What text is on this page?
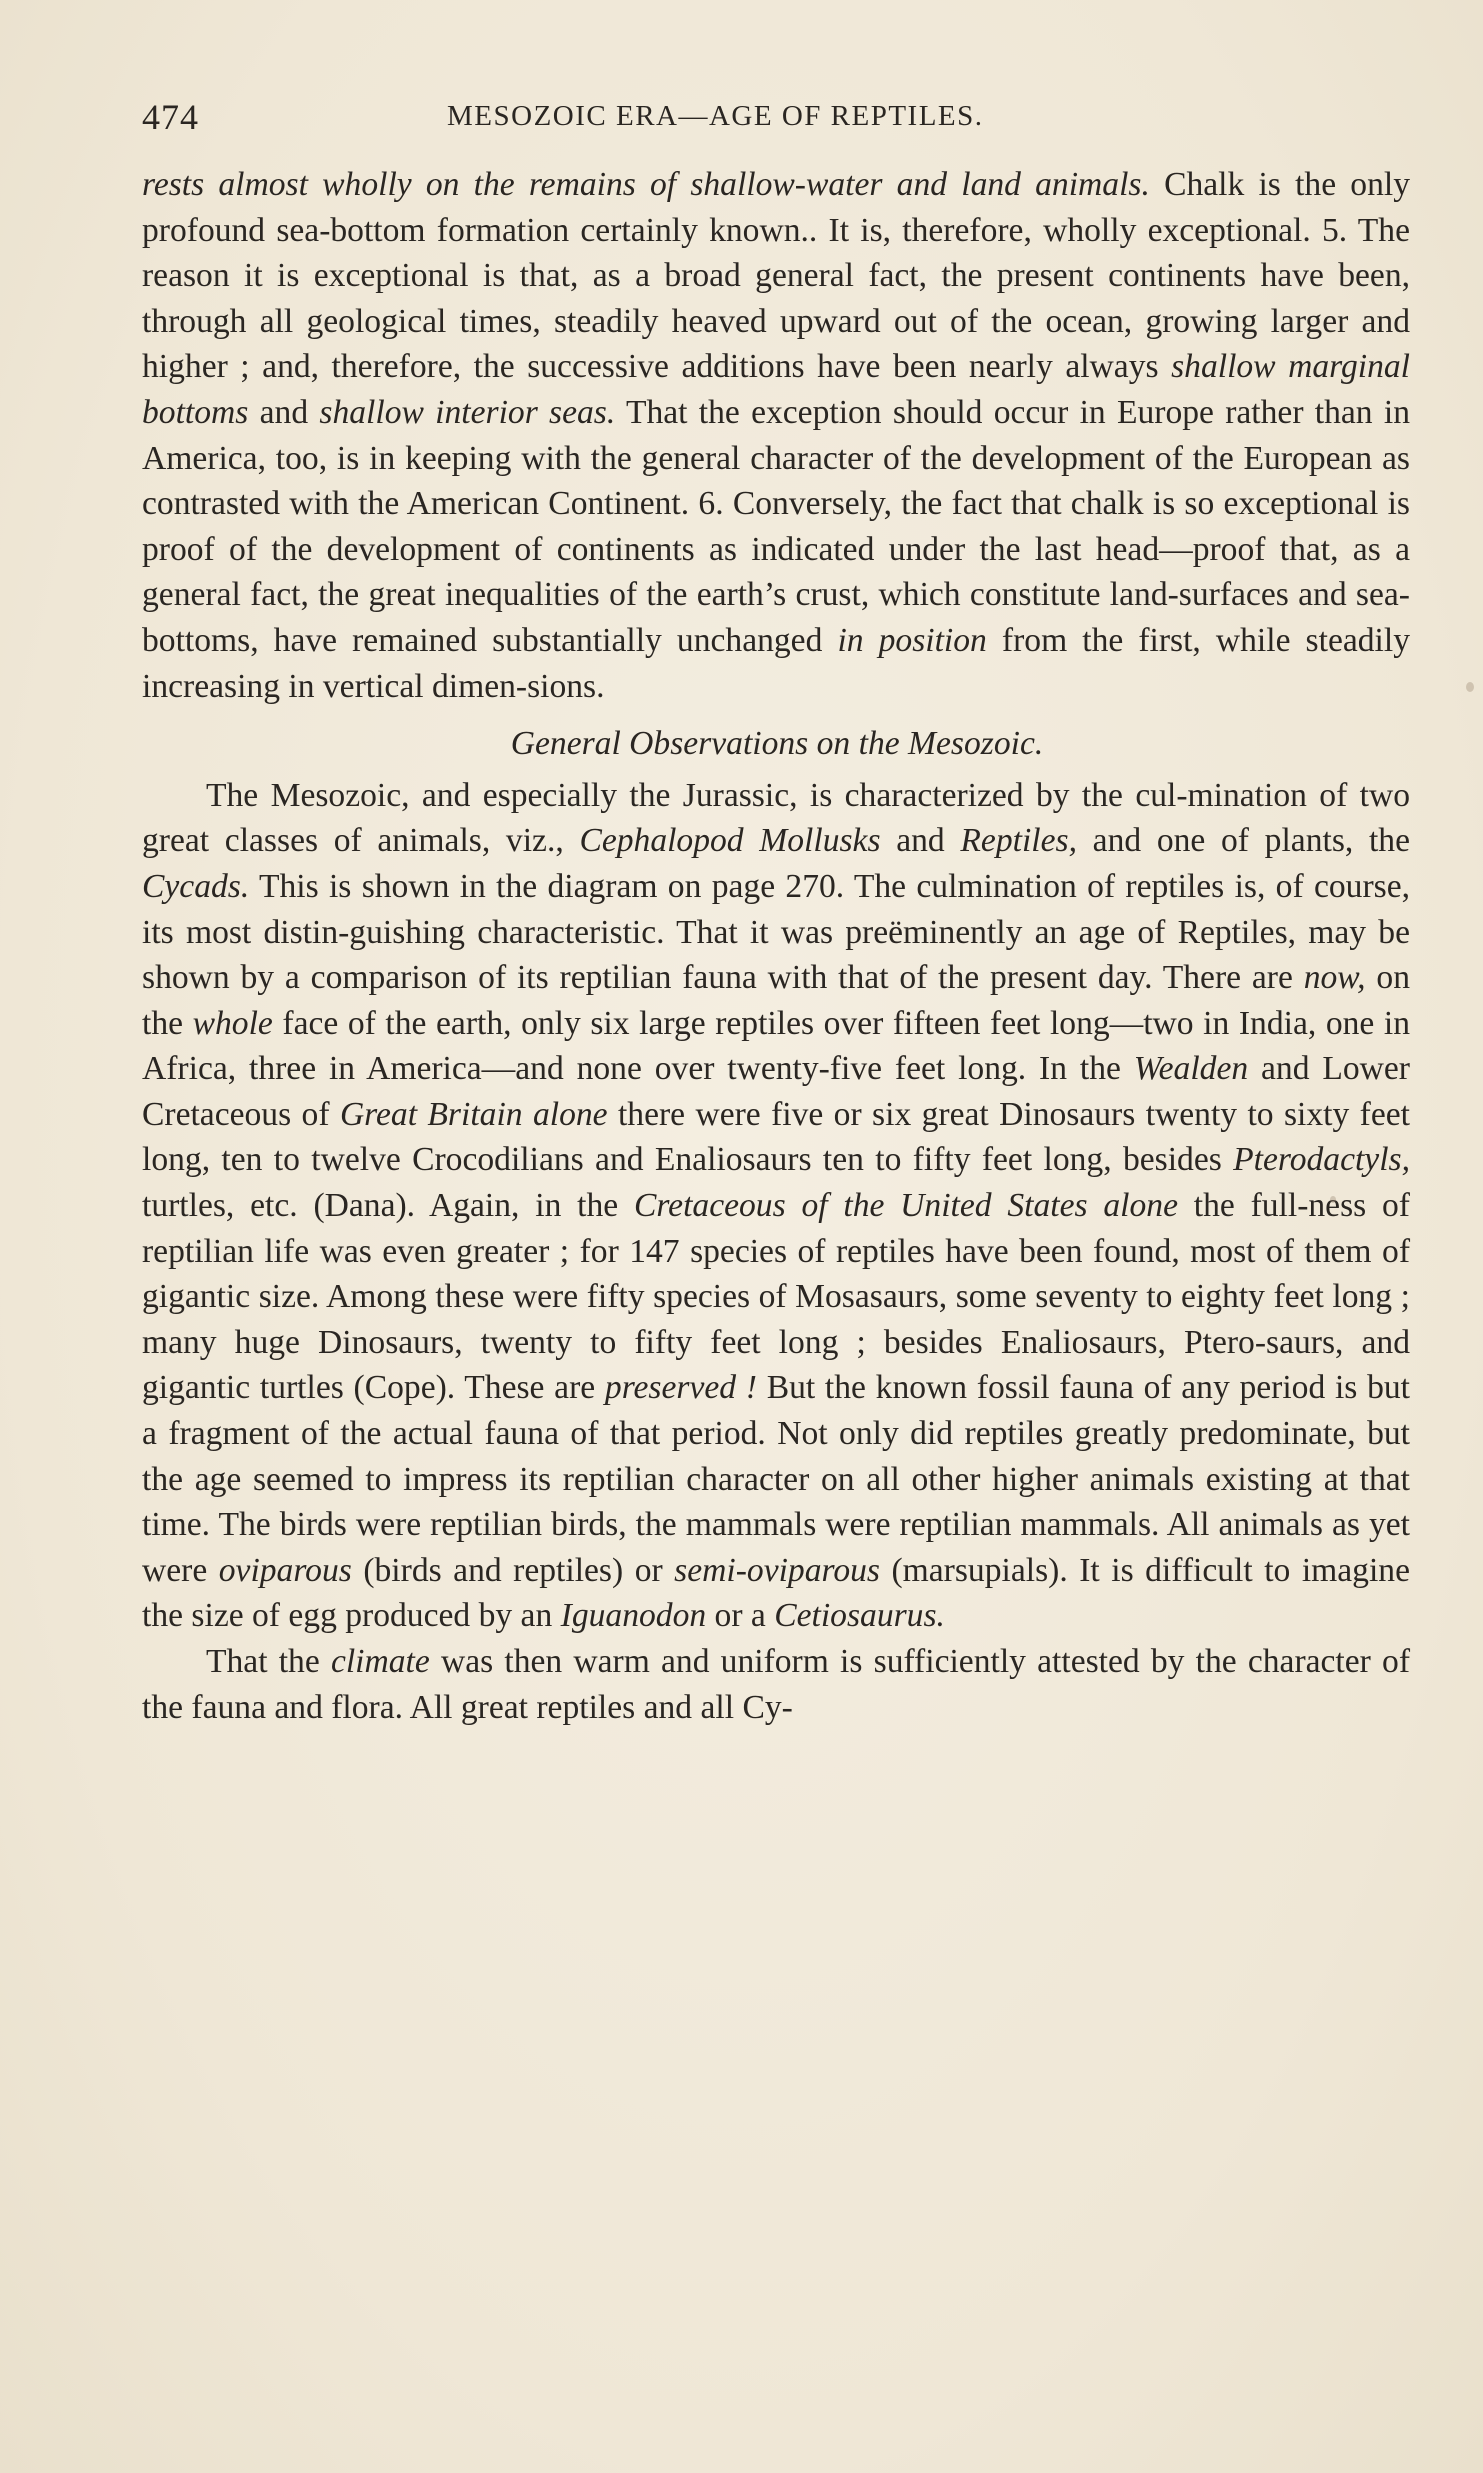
474	MESOZOIC ERA—AGE OF REPTILES.

rests almost wholly on the remains of shallow-water and land animals. Chalk is the only profound sea-bottom formation certainly known.. It is, therefore, wholly exceptional. 5. The reason it is exceptional is that, as a broad general fact, the present continents have been, through all geological times, steadily heaved upward out of the ocean, growing larger and higher ; and, therefore, the successive additions have been nearly always shallow marginal bottoms and shallow interior seas. That the exception should occur in Europe rather than in America, too, is in keeping with the general character of the development of the European as contrasted with the American Continent. 6. Conversely, the fact that chalk is so exceptional is proof of the development of continents as indicated under the last head—proof that, as a general fact, the great inequalities of the earth’s crust, which constitute land-surfaces and sea-bottoms, have remained substantially unchanged in position from the first, while steadily increasing in vertical dimen-sions.

General Observations on the Mesozoic.

The Mesozoic, and especially the Jurassic, is characterized by the cul-mination of two great classes of animals, viz., Cephalopod Mollusks and Reptiles, and one of plants, the Cycads. This is shown in the diagram on page 270. The culmination of reptiles is, of course, its most distin-guishing characteristic. That it was preëminently an age of Reptiles, may be shown by a comparison of its reptilian fauna with that of the present day. There are now, on the whole face of the earth, only six large reptiles over fifteen feet long—two in India, one in Africa, three in America—and none over twenty-five feet long. In the Wealden and Lower Cretaceous of Great Britain alone there were five or six great Dinosaurs twenty to sixty feet long, ten to twelve Crocodilians and Enaliosaurs ten to fifty feet long, besides Pterodactyls, turtles, etc. (Dana). Again, in the Cretaceous of the United States alone the full-ness of reptilian life was even greater ; for 147 species of reptiles have been found, most of them of gigantic size. Among these were fifty species of Mosasaurs, some seventy to eighty feet long ; many huge Dinosaurs, twenty to fifty feet long ; besides Enaliosaurs, Ptero-saurs, and gigantic turtles (Cope). These are preserved ! But the known fossil fauna of any period is but a fragment of the actual fauna of that period. Not only did reptiles greatly predominate, but the age seemed to impress its reptilian character on all other higher animals existing at that time. The birds were reptilian birds, the mammals were reptilian mammals. All animals as yet were oviparous (birds and reptiles) or semi-oviparous (marsupials). It is difficult to imagine the size of egg produced by an Iguanodon or a Cetiosaurus.

That the climate was then warm and uniform is sufficiently attested by the character of the fauna and flora. All great reptiles and all Cy-
